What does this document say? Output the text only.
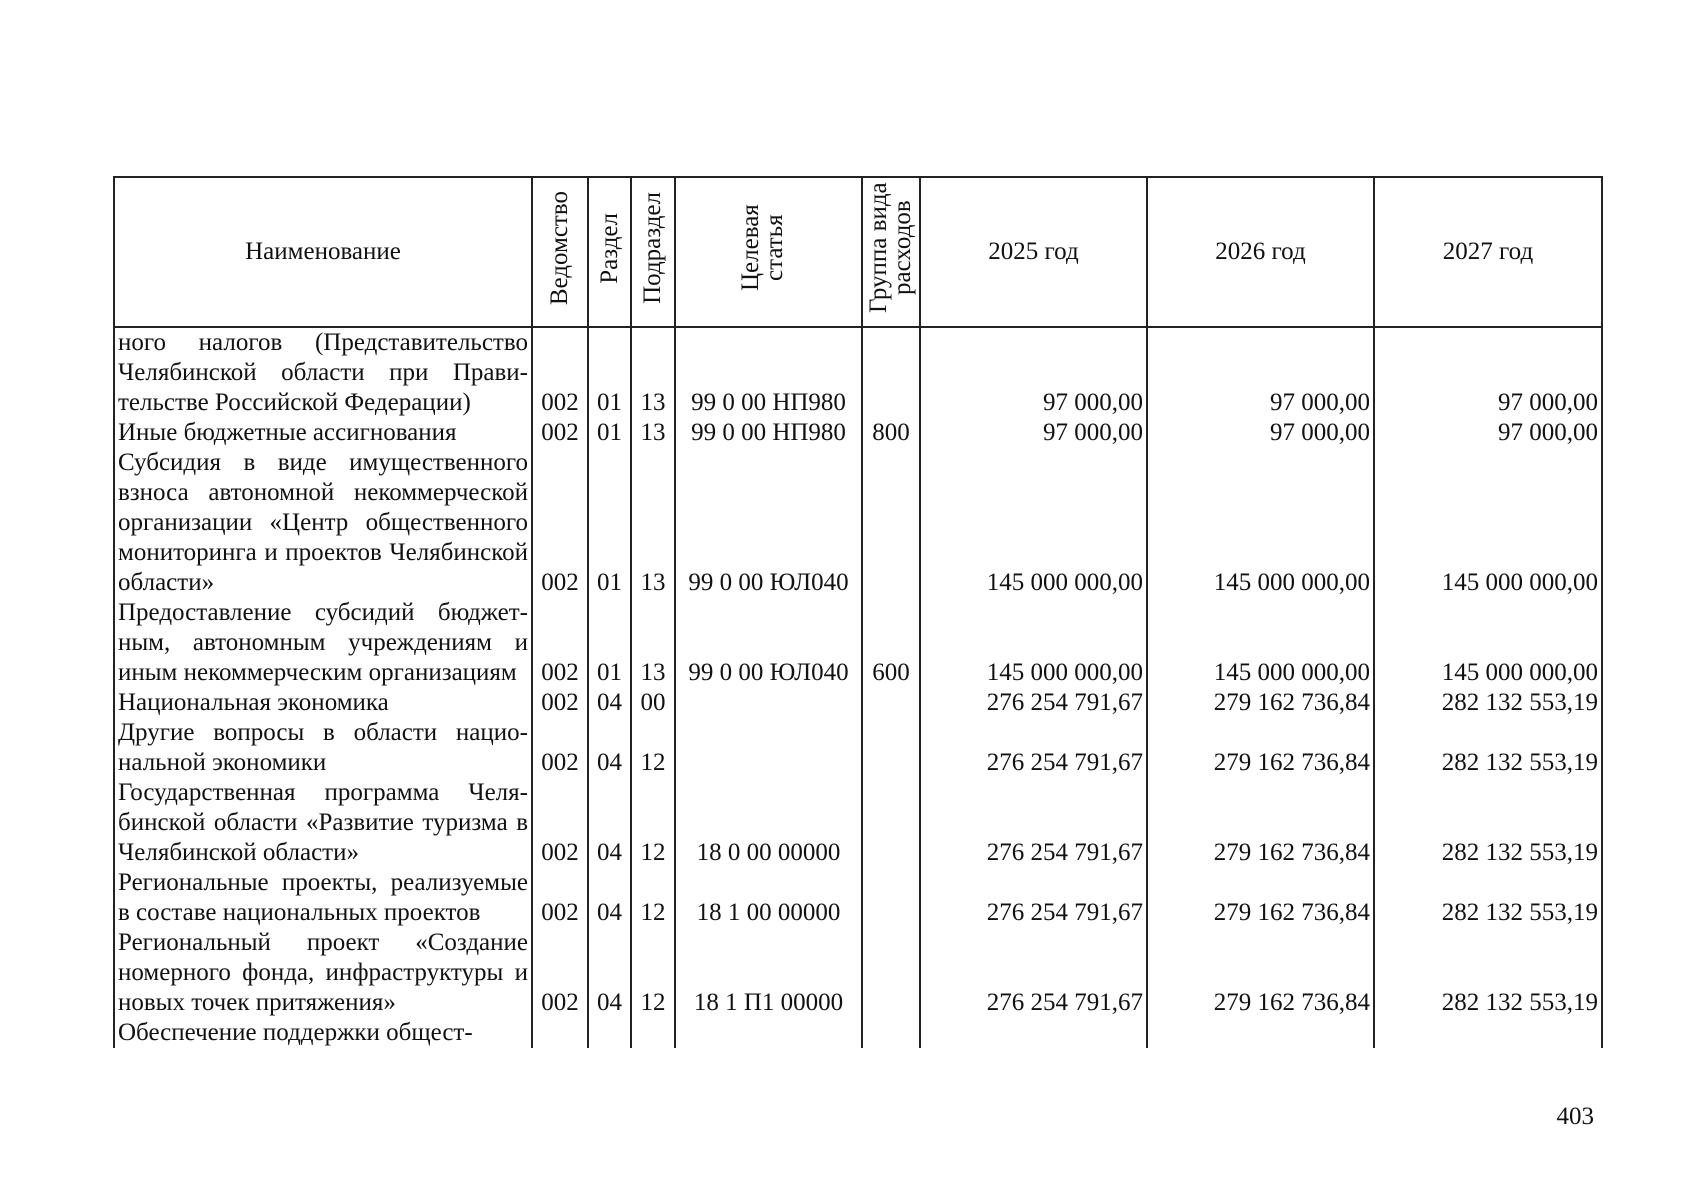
Наименование	Ведомство	Раздел	Подраздел	Целевая статья	Группа вида расходов	2025 год	2026 год	2027 год
ного налогов (Представительство Челябинской области при Правительстве Российской Федерации)	002	01	13	99 0 00 НП980		97 000,00	97 000,00	97 000,00
Иные бюджетные ассигнования	002	01	13	99 0 00 НП980	800	97 000,00	97 000,00	97 000,00
Субсидия в виде имущественного взноса автономной некоммерческой организации «Центр общественного мониторинга и проектов Челябинской области»	002	01	13	99 0 00 ЮЛ040		145 000 000,00	145 000 000,00	145 000 000,00
Предоставление субсидий бюджетным, автономным учреждениям и иным некоммерческим организациям	002	01	13	99 0 00 ЮЛ040	600	145 000 000,00	145 000 000,00	145 000 000,00
Национальная экономика	002	04	00			276 254 791,67	279 162 736,84	282 132 553,19
Другие вопросы в области национальной экономики	002	04	12			276 254 791,67	279 162 736,84	282 132 553,19
Государственная программа Челябинской области «Развитие туризма в Челябинской области»	002	04	12	18 0 00 00000		276 254 791,67	279 162 736,84	282 132 553,19
Региональные проекты, реализуемые в составе национальных проектов	002	04	12	18 1 00 00000		276 254 791,67	279 162 736,84	282 132 553,19
Региональный проект «Создание номерного фонда, инфраструктуры и новых точек притяжения»	002	04	12	18 1 П1 00000		276 254 791,67	279 162 736,84	282 132 553,19
Обеспечение поддержки общест-								
403
